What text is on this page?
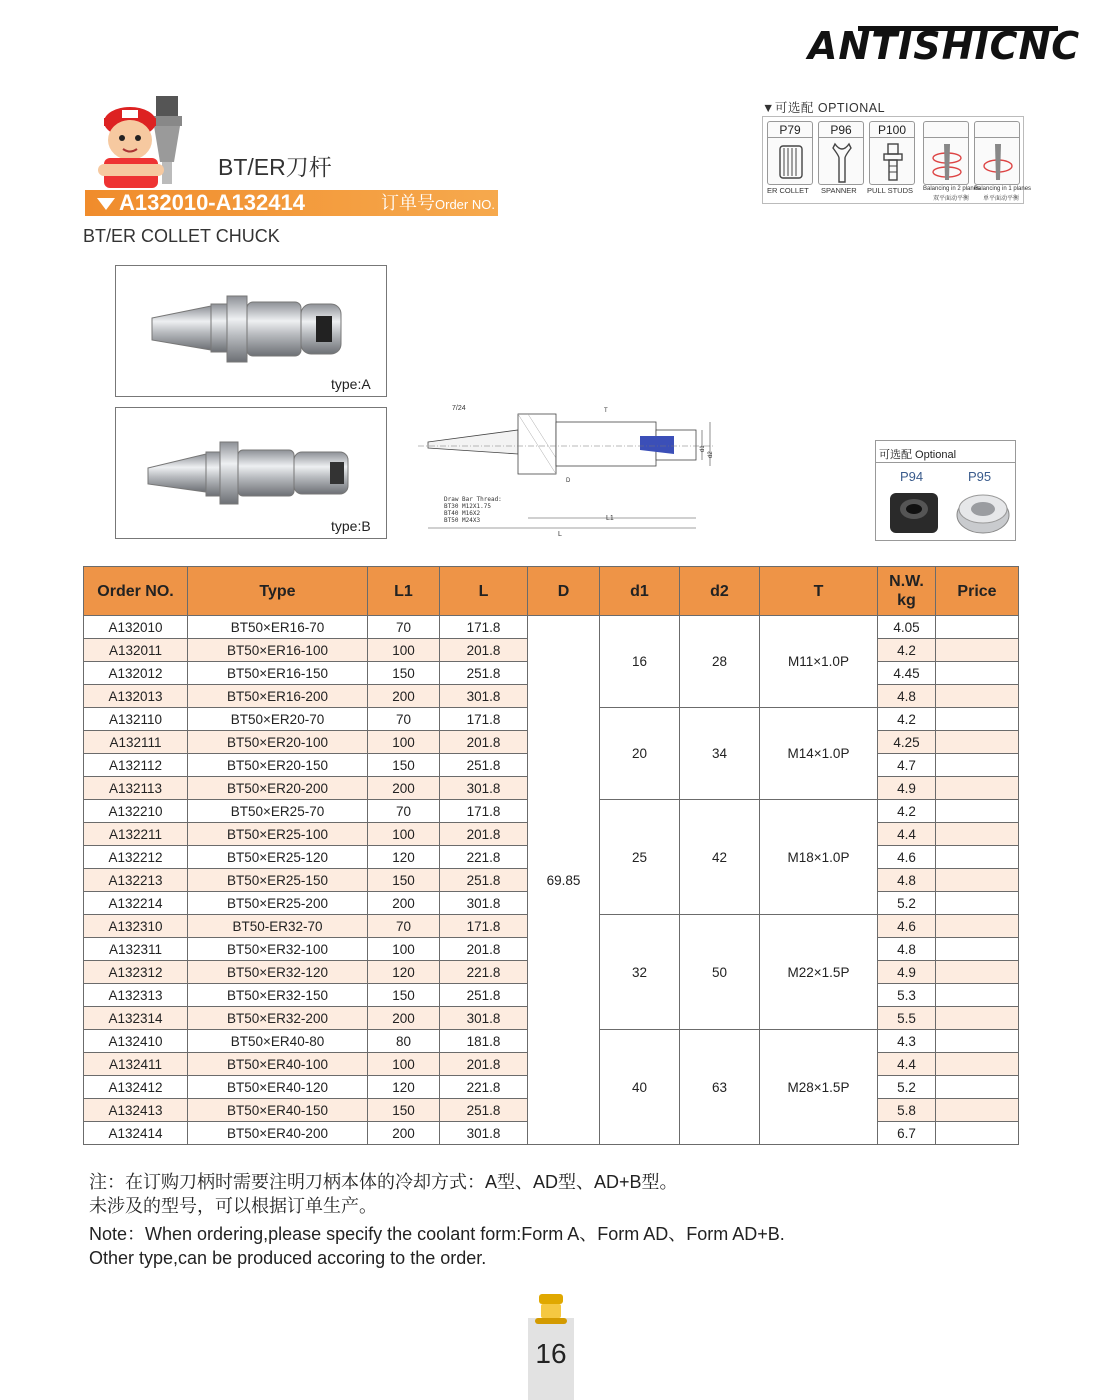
ANTISHICNC
BT/ER刀杆
A132010-A132414	订单号Order NO.
BT/ER COLLET CHUCK
▼可选配 OPTIONAL
P79	P96	P100
ER COLLET SPANNER PULL STUDS Balancing in 2 planes
Balancing in 1 planes
双平面动平衡 单平面动平衡
type:A
type:B
7/24
L1
L
d1
d2
D
T
Draw Bar Thread:
BT30 M12X1.75
BT40 M16X2
BT50 M24X3
可选配 Optional
P94	P95
Order NO.	Type	L1	L	D	d1	d2	T	N.W.
kg	Price
A132010	BT50×ER16-70	70	171.8	69.85	16	28	M11×1.0P	4.05	
A132011	BT50×ER16-100	100	201.8					4.2	
A132012	BT50×ER16-150	150	251.8					4.45	
A132013	BT50×ER16-200	200	301.8					4.8	
A132110	BT50×ER20-70	70	171.8		20	34	M14×1.0P	4.2	
A132111	BT50×ER20-100	100	201.8					4.25	
A132112	BT50×ER20-150	150	251.8					4.7	
A132113	BT50×ER20-200	200	301.8					4.9	
A132210	BT50×ER25-70	70	171.8		25	42	M18×1.0P	4.2	
A132211	BT50×ER25-100	100	201.8					4.4	
A132212	BT50×ER25-120	120	221.8					4.6	
A132213	BT50×ER25-150	150	251.8					4.8	
A132214	BT50×ER25-200	200	301.8					5.2	
A132310	BT50-ER32-70	70	171.8		32	50	M22×1.5P	4.6	
A132311	BT50×ER32-100	100	201.8					4.8	
A132312	BT50×ER32-120	120	221.8					4.9	
A132313	BT50×ER32-150	150	251.8					5.3	
A132314	BT50×ER32-200	200	301.8					5.5	
A132410	BT50×ER40-80	80	181.8		40	63	M28×1.5P	4.3	
A132411	BT50×ER40-100	100	201.8					4.4	
A132412	BT50×ER40-120	120	221.8					5.2	
A132413	BT50×ER40-150	150	251.8					5.8	
A132414	BT50×ER40-200	200	301.8					6.7	
注：在订购刀柄时需要注明刀柄本体的冷却方式：A型、AD型、AD+B型。
未涉及的型号，可以根据订单生产。
Note：When ordering,please specify the coolant form:Form A、Form AD、Form AD+B.
Other type,can be produced accoring to the order.
16
